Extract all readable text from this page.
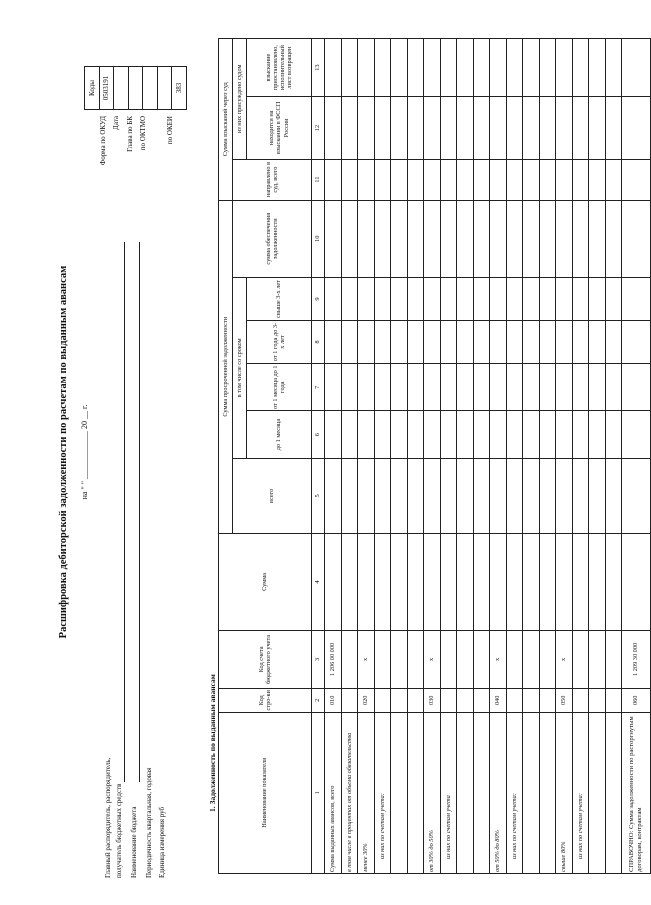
Расшифровка дебиторской задолженности по расчетам по выданным авансам на " " ____________ 20 __ г.
Главный распорядитель, распорядитель, получатель бюджетных средств Наименование бюджета Периодичность квартальная, годовая Единица измерения руб
Форма по ОКУД Дата Глава по БК по ОКТМО	по ОКЕИ
Коды
0503191

383
1. Задолженность по выданным авансам	Наименование показателя	Код стро-ки	Код счета бюджетного учета	Сумма	Сумма просроченной задолженности						Сумма взысканий через суд		
				всего	в том числе со сроком				сумма обеспечения задолженности	направлено в суд, всего	из них присуждено судом	
					до 1 месяца	от 1 месяца до 1 года	от 1 года до 3-х лет	свыше 3-х лет			находится на взыскании в ФССП России	взыскание приостановлено, исполнительный лист возвращен
1	2	3	4	5	6	7	8	9	10	11	12	13
Сумма выданных авансов, всего	010	1 206 00 000										
в том числе в процентах от объема обязательства												
менее 30%	020	x										
из них по счетам учета:												

от 30% до 50%	030	x										
из них по счетам учета												

от 50% до 80%	040	x										
из них по счетам учета:												

свыше 80%	050	x										
из них по счетам учета:												

СПРАВОЧНО: Сумма задолженности по расторгнутым договорам, контрактам	060	1 209 30 000										
